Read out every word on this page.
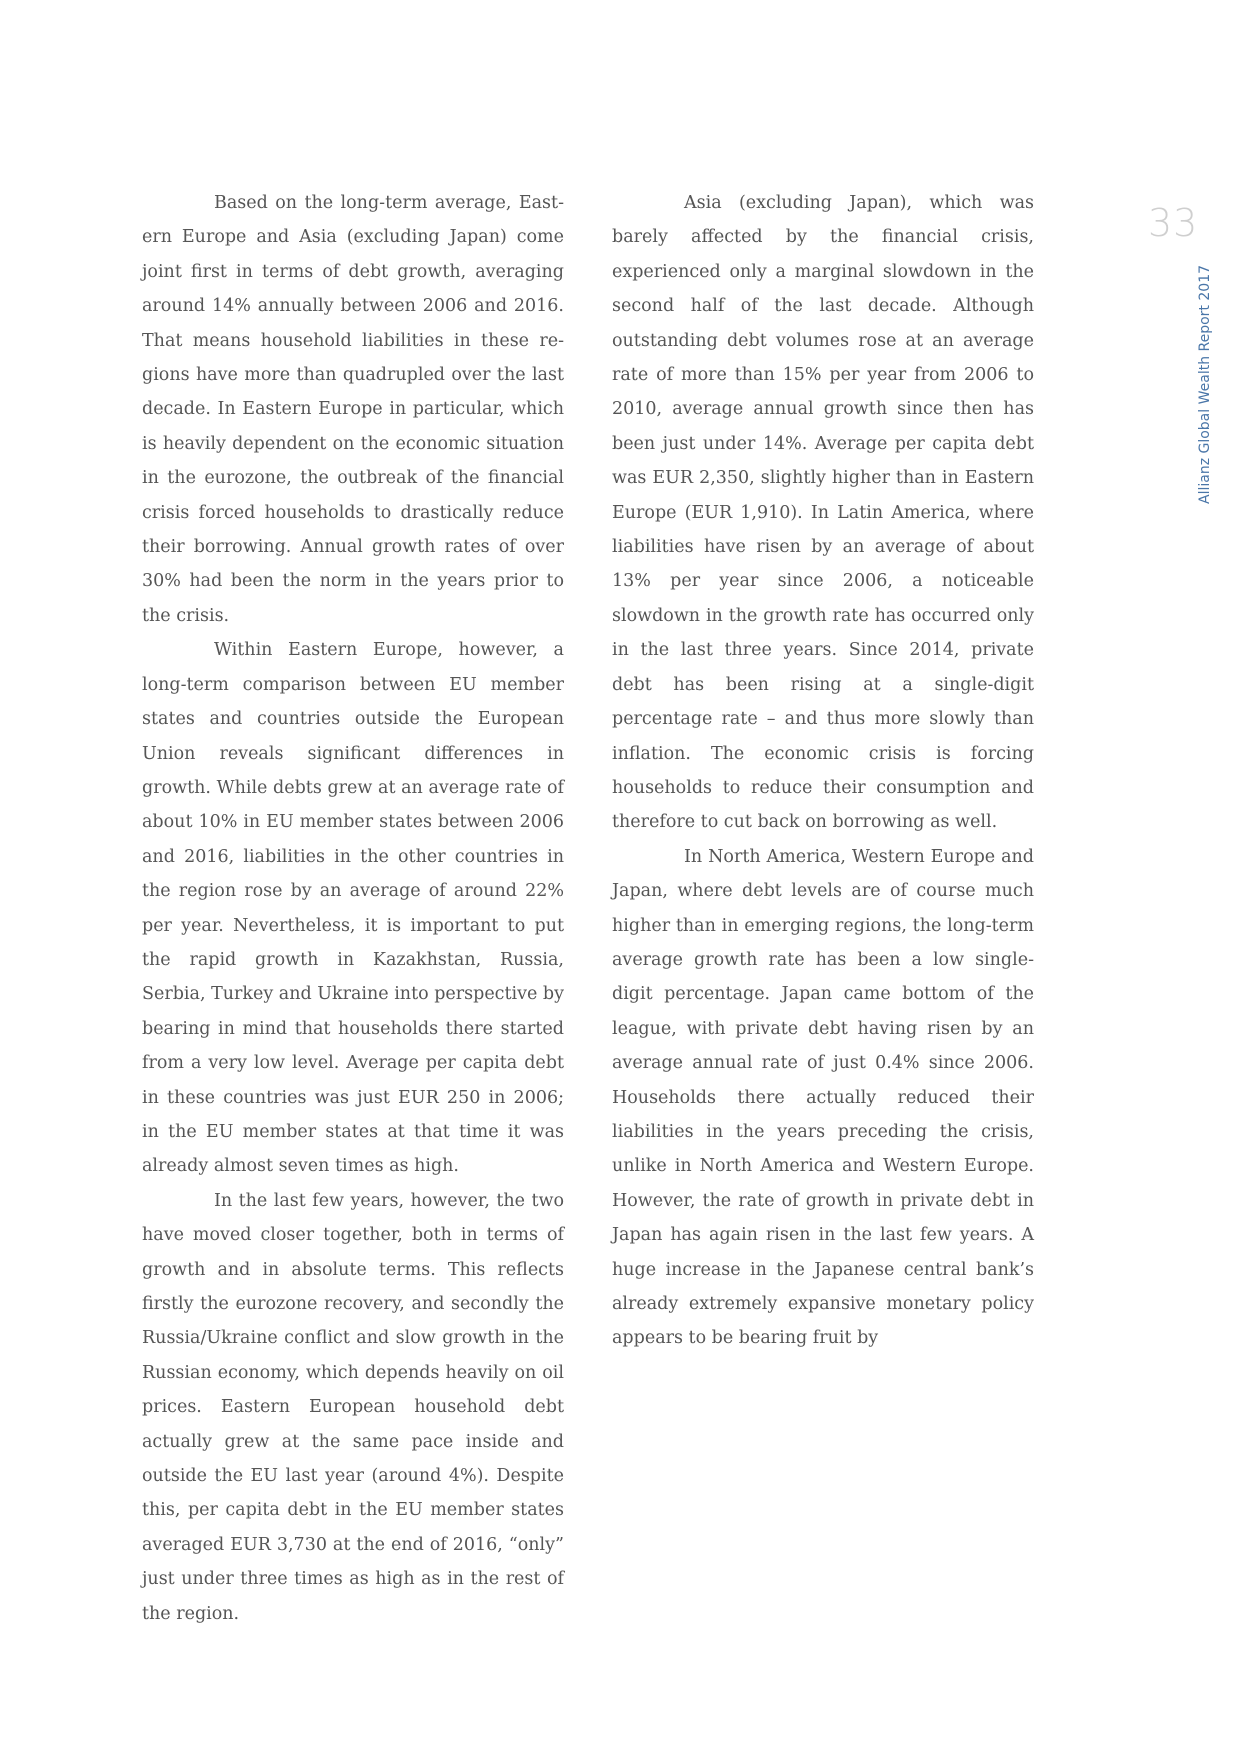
Based on the long-term average, Eastern Europe and Asia (excluding Japan) come joint first in terms of debt growth, averaging around 14% annually between 2006 and 2016. That means household liabilities in these regions have more than quadrupled over the last decade. In Eastern Europe in particular, which is heavily dependent on the economic situation in the eurozone, the outbreak of the financial crisis forced households to drastically reduce their borrowing. Annual growth rates of over 30% had been the norm in the years prior to the crisis.

Within Eastern Europe, however, a long-term comparison between EU member states and countries outside the European Union reveals significant differences in growth. While debts grew at an average rate of about 10% in EU member states between 2006 and 2016, liabilities in the other countries in the region rose by an average of around 22% per year. Nevertheless, it is important to put the rapid growth in Kazakhstan, Russia, Serbia, Turkey and Ukraine into perspective by bearing in mind that households there started from a very low level. Average per capita debt in these countries was just EUR 250 in 2006; in the EU member states at that time it was already almost seven times as high.

In the last few years, however, the two have moved closer together, both in terms of growth and in absolute terms. This reflects firstly the eurozone recovery, and secondly the Russia/Ukraine conflict and slow growth in the Russian economy, which depends heavily on oil prices. Eastern European household debt actually grew at the same pace inside and outside the EU last year (around 4%). Despite this, per capita debt in the EU member states averaged EUR 3,730 at the end of 2016, “only” just under three times as high as in the rest of the region.

Asia (excluding Japan), which was barely affected by the financial crisis, experienced only a marginal slowdown in the second half of the last decade. Although outstanding debt volumes rose at an average rate of more than 15% per year from 2006 to 2010, average annual growth since then has been just under 14%. Average per capita debt was EUR 2,350, slightly higher than in Eastern Europe (EUR 1,910). In Latin America, where liabilities have risen by an average of about 13% per year since 2006, a noticeable slowdown in the growth rate has occurred only in the last three years. Since 2014, private debt has been rising at a single-digit percentage rate – and thus more slowly than inflation. The economic crisis is forcing households to reduce their consumption and therefore to cut back on borrowing as well.

In North America, Western Europe and Japan, where debt levels are of course much higher than in emerging regions, the long-term average growth rate has been a low single-digit percentage. Japan came bottom of the league, with private debt having risen by an average annual rate of just 0.4% since 2006. Households there actually reduced their liabilities in the years preceding the crisis, unlike in North America and Western Europe. However, the rate of growth in private debt in Japan has again risen in the last few years. A huge increase in the Japanese central bank’s already extremely expansive monetary policy appears to be bearing fruit by

33
Allianz Global Wealth Report 2017
